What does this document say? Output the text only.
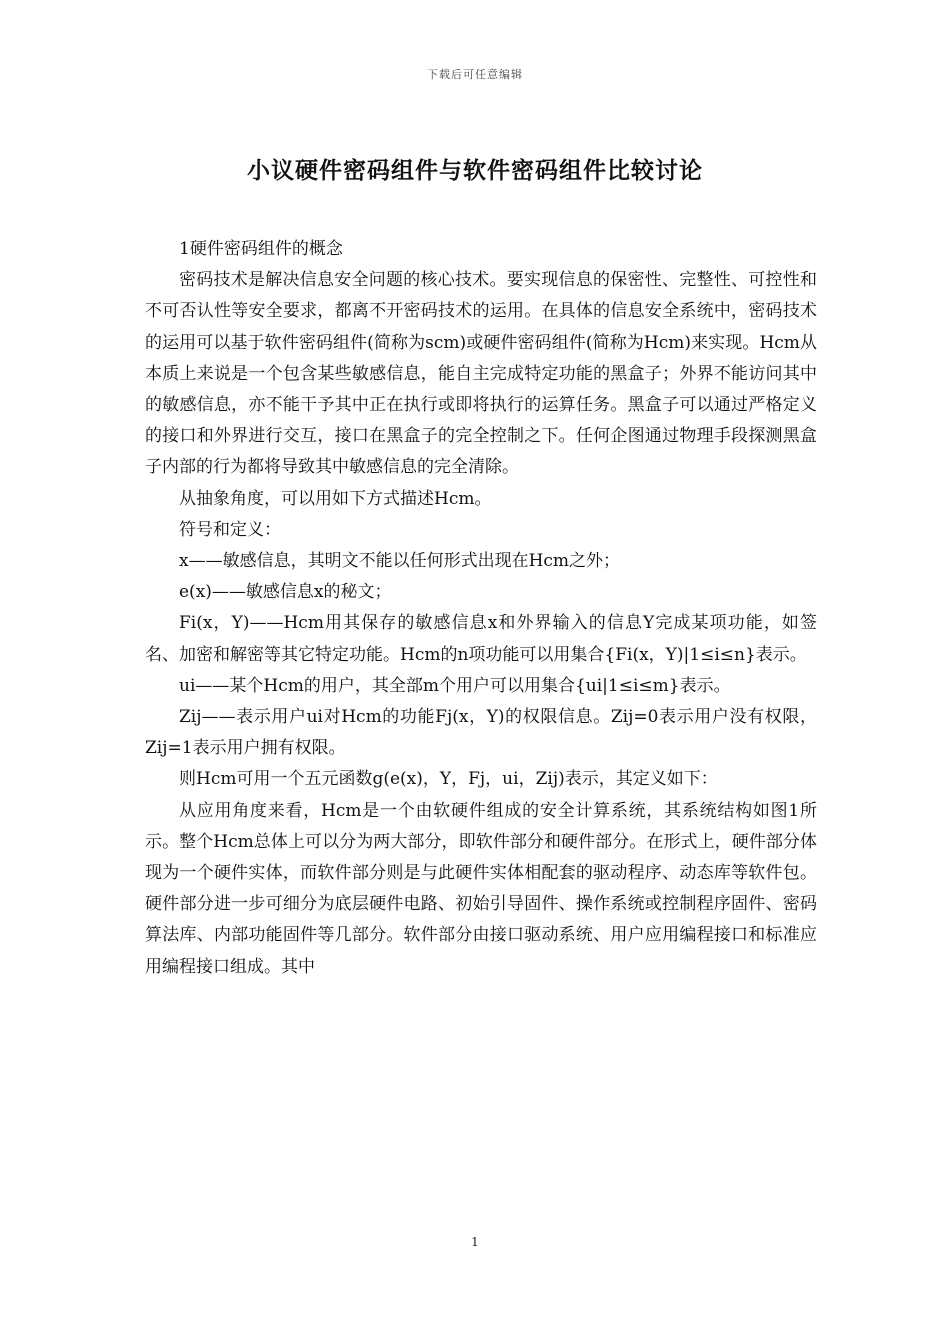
下载后可任意编辑
小议硬件密码组件与软件密码组件比较讨论

1硬件密码组件的概念

密码技术是解决信息安全问题的核心技术。要实现信息的保密性、完整性、可控性和不可否认性等安全要求，都离不开密码技术的运用。在具体的信息安全系统中，密码技术的运用可以基于软件密码组件(简称为scm)或硬件密码组件(简称为Hcm)来实现。Hcm从本质上来说是一个包含某些敏感信息，能自主完成特定功能的黑盒子；外界不能访问其中的敏感信息，亦不能干予其中正在执行或即将执行的运算任务。黑盒子可以通过严格定义的接口和外界进行交互，接口在黑盒子的完全控制之下。任何企图通过物理手段探测黑盒子内部的行为都将导致其中敏感信息的完全清除。

从抽象角度，可以用如下方式描述Hcm。

符号和定义：

x——敏感信息，其明文不能以任何形式出现在Hcm之外；

e(x)——敏感信息x的秘文；

Fi(x，Y)——Hcm用其保存的敏感信息x和外界输入的信息Y完成某项功能，如签名、加密和解密等其它特定功能。Hcm的n项功能可以用集合{Fi(x，Y)|1≤i≤n}表示。

ui——某个Hcm的用户，其全部m个用户可以用集合{ui|1≤i≤m}表示。

Zij——表示用户ui对Hcm的功能Fj(x，Y)的权限信息。Zij=0表示用户没有权限，Zij=1表示用户拥有权限。

则Hcm可用一个五元函数g(e(x)，Y，Fj，ui，Zij)表示，其定义如下：

从应用角度来看，Hcm是一个由软硬件组成的安全计算系统，其系统结构如图1所示。整个Hcm总体上可以分为两大部分，即软件部分和硬件部分。在形式上，硬件部分体现为一个硬件实体，而软件部分则是与此硬件实体相配套的驱动程序、动态库等软件包。硬件部分进一步可细分为底层硬件电路、初始引导固件、操作系统或控制程序固件、密码算法库、内部功能固件等几部分。软件部分由接口驱动系统、用户应用编程接口和标准应用编程接口组成。其中

1
